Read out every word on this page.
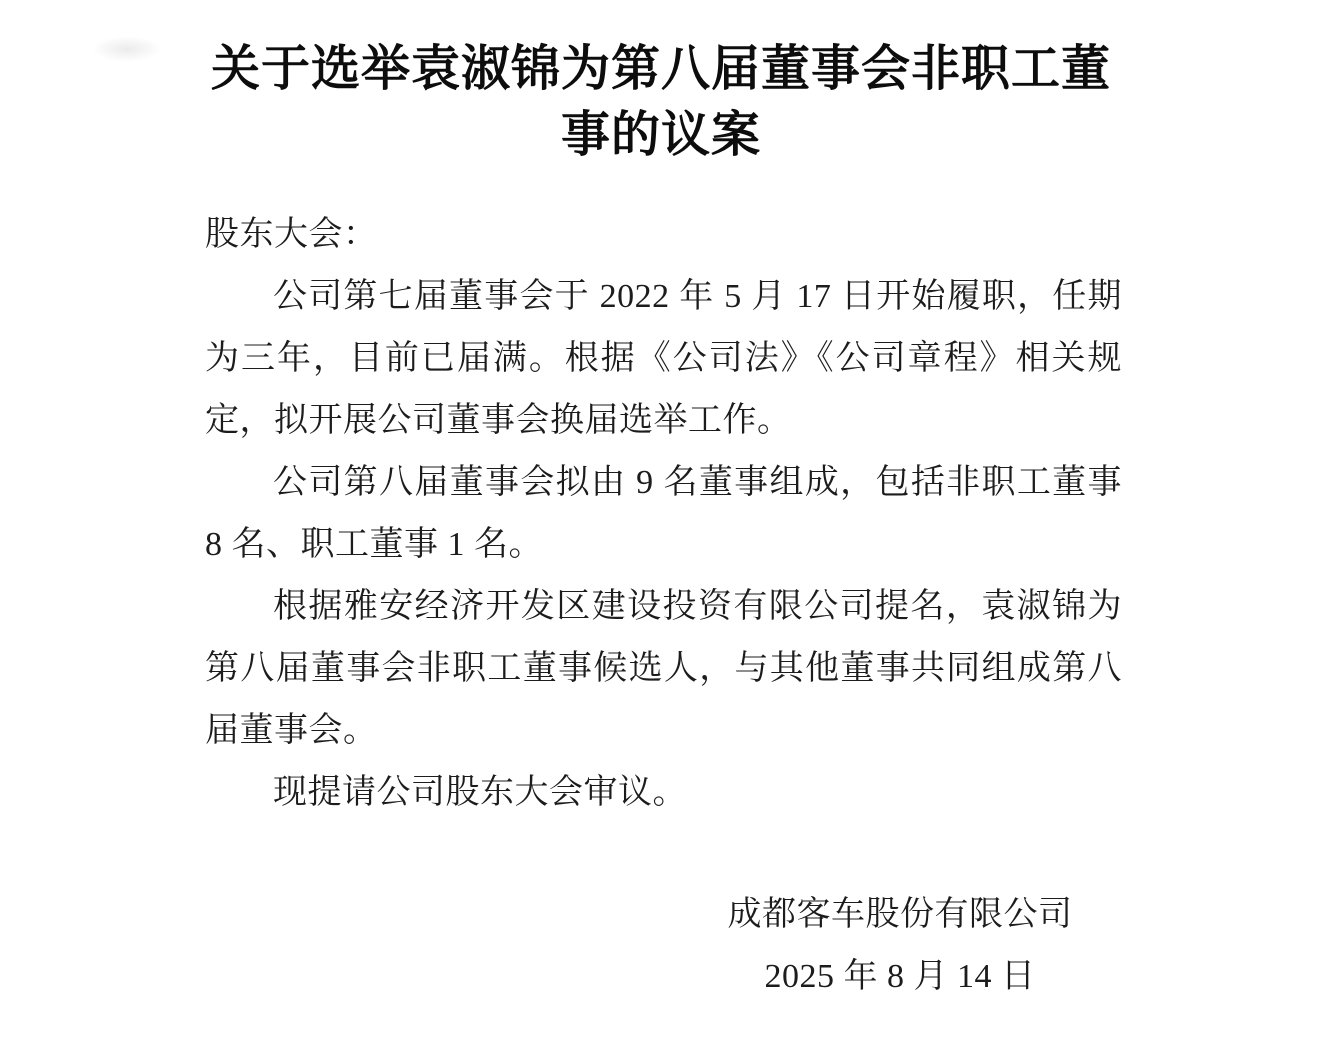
关于选举袁淑锦为第八届董事会非职工董
事的议案
股东大会：
公司第七届董事会于 2022 年 5 月 17 日开始履职，任期
为三年，目前已届满。根据《公司法》《公司章程》相关规
定，拟开展公司董事会换届选举工作。
公司第八届董事会拟由 9 名董事组成，包括非职工董事
8 名、职工董事 1 名。
根据雅安经济开发区建设投资有限公司提名，袁淑锦为
第八届董事会非职工董事候选人，与其他董事共同组成第八
届董事会。
现提请公司股东大会审议。
成都客车股份有限公司
2025 年 8 月 14 日
